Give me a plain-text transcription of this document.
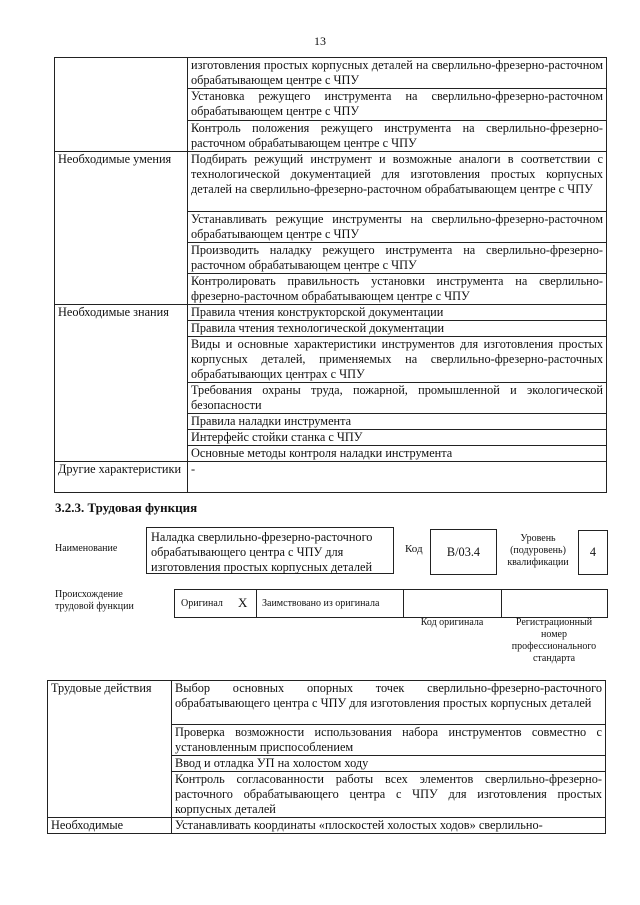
13
	изготовления простых корпусных деталей на сверлильно-фрезерно-расточном обрабатывающем центре с ЧПУ
	Установка режущего инструмента на сверлильно-фрезерно-расточном обрабатывающем центре с ЧПУ
	Контроль положения режущего инструмента на сверлильно-фрезерно-расточном обрабатывающем центре с ЧПУ
Необходимые умения	Подбирать режущий инструмент и возможные аналоги в соответствии с технологической документацией для изготовления простых корпусных деталей на сверлильно-фрезерно-расточном обрабатывающем центре с ЧПУ
	Устанавливать режущие инструменты на сверлильно-фрезерно-расточном обрабатывающем центре с ЧПУ
	Производить наладку режущего инструмента на сверлильно-фрезерно-расточном обрабатывающем центре с ЧПУ
	Контролировать правильность установки инструмента на сверлильно-фрезерно-расточном обрабатывающем центре с ЧПУ
Необходимые знания	Правила чтения конструкторской документации
	Правила чтения технологической документации
	Виды и основные характеристики инструментов для изготовления простых корпусных деталей, применяемых на сверлильно-фрезерно-расточных обрабатывающих центрах с ЧПУ
	Требования охраны труда, пожарной, промышленной и экологической безопасности
	Правила наладки инструмента
	Интерфейс стойки станка с ЧПУ
	Основные методы контроля наладки инструмента
Другие характеристики	-
3.2.3. Трудовая функция
Наименование
Наладка сверлильно-фрезерно-расточного обрабатывающего центра с ЧПУ для изготовления простых корпусных деталей
Код	В/03.4
Уровень (подуровень) квалификации
4
Происхождение трудовой функции	Оригинал X Заимствовано из оригинала
Код оригинала	Регистрационный номер профессионального стандарта
Трудовые действия	Выбор основных опорных точек сверлильно-фрезерно-расточного обрабатывающего центра с ЧПУ для изготовления простых корпусных деталей
	Проверка возможности использования набора инструментов совместно с установленным приспособлением
	Ввод и отладка УП на холостом ходу
	Контроль согласованности работы всех элементов сверлильно-фрезерно-расточного обрабатывающего центра с ЧПУ для изготовления простых корпусных деталей
Необходимые	Устанавливать координаты «плоскостей холостых ходов» сверлильно-
